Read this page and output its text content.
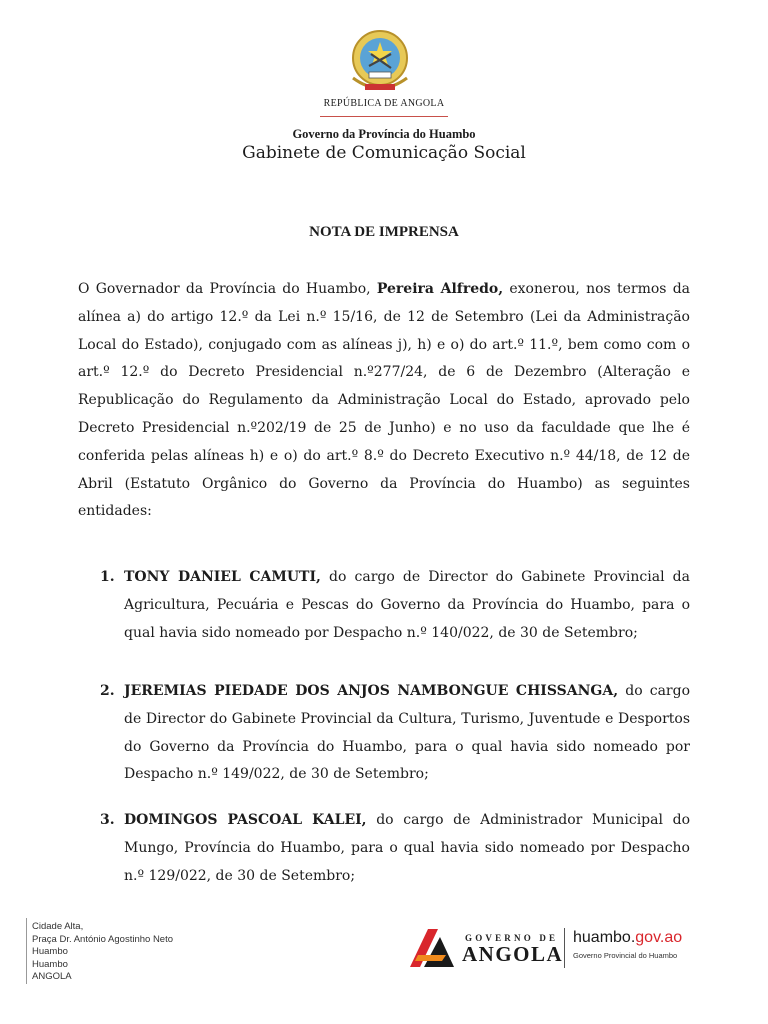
REPÚBLICA DE ANGOLA
Governo da Província do Huambo
Gabinete de Comunicação Social
NOTA DE IMPRENSA
O Governador da Província do Huambo, Pereira Alfredo, exonerou, nos termos da alínea a) do artigo 12.º da Lei n.º 15/16, de 12 de Setembro (Lei da Administração Local do Estado), conjugado com as alíneas j), h) e o) do art.º 11.º, bem como com o art.º 12.º do Decreto Presidencial n.º277/24, de 6 de Dezembro (Alteração e Republicação do Regulamento da Administração Local do Estado, aprovado pelo Decreto Presidencial n.º202/19 de 25 de Junho) e no uso da faculdade que lhe é conferida pelas alíneas h) e o) do art.º 8.º do Decreto Executivo n.º 44/18, de 12 de Abril (Estatuto Orgânico do Governo da Província do Huambo) as seguintes entidades:
1. TONY DANIEL CAMUTI, do cargo de Director do Gabinete Provincial da Agricultura, Pecuária e Pescas do Governo da Província do Huambo, para o qual havia sido nomeado por Despacho n.º 140/022, de 30 de Setembro;
2. JEREMIAS PIEDADE DOS ANJOS NAMBONGUE CHISSANGA, do cargo de Director do Gabinete Provincial da Cultura, Turismo, Juventude e Desportos do Governo da Província do Huambo, para o qual havia sido nomeado por Despacho n.º 149/022, de 30 de Setembro;
3. DOMINGOS PASCOAL KALEI, do cargo de Administrador Municipal do Mungo, Província do Huambo, para o qual havia sido nomeado por Despacho n.º 129/022, de 30 de Setembro;
Cidade Alta,
Praça Dr. António Agostinho Neto
Huambo
Huambo
ANGOLA
GOVERNO DE
ANGOLA
huambo.gov.ao
Governo Provincial do Huambo
